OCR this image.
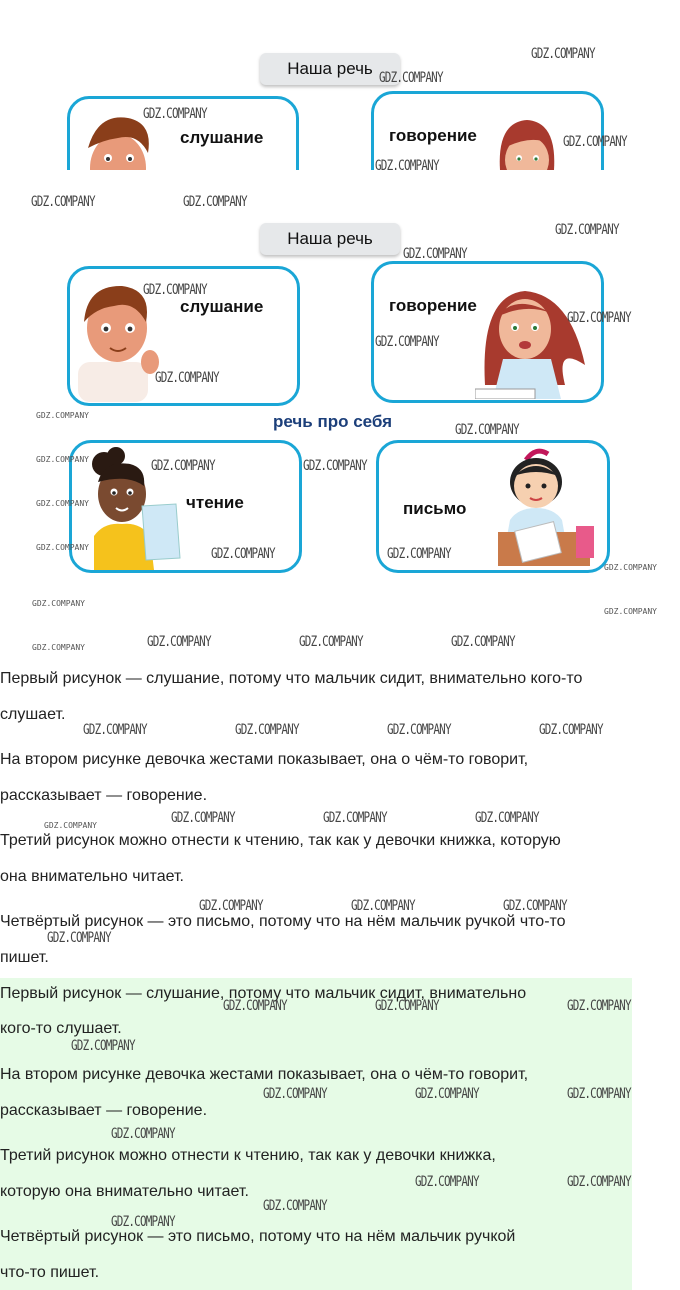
Наша речь
слушание	говорение
Наша речь
слушание	говорение
речь про себя
чтение	письмо
GDZ.COMPANY
GDZ.COMPANY
GDZ.COMPANY
GDZ.COMPANY
GDZ.COMPANY
GDZ.COMPANY	GDZ.COMPANY
GDZ.COMPANY
GDZ.COMPANY
GDZ.COMPANY
GDZ.COMPANY
GDZ.COMPANY
GDZ.COMPANY
GDZ.COMPANY
GDZ.COMPANY	GDZ.COMPANY
GDZ.COMPANY	GDZ.COMPANY
GDZ.COMPANY	GDZ.COMPANY	GDZ.COMPANY
GDZ.COMPANY	GDZ.COMPANY	GDZ.COMPANY	GDZ.COMPANY
GDZ.COMPANY	GDZ.COMPANY	GDZ.COMPANY
GDZ.COMPANY	GDZ.COMPANY	GDZ.COMPANY
GDZ.COMPANY
GDZ.COMPANY
GDZ.COMPANY
GDZ.COMPANY
GDZ.COMPANY
GDZ.COMPANY
GDZ.COMPANY
GDZ.COMPANY
GDZ.COMPANY
GDZ.COMPANY
Первый рисунок — слушание, потому что мальчик сидит, внимательно кого-то
слушает.
На втором рисунке девочка жестами показывает, она о чём-то говорит,
рассказывает — говорение.
Третий рисунок можно отнести к чтению, так как у девочки книжка, которую
она внимательно читает.
Четвёртый рисунок — это письмо, потому что на нём мальчик ручкой что-то
пишет.
Первый рисунок — слушание, потому что мальчик сидит, внимательно
кого-то слушает.
На втором рисунке девочка жестами показывает, она о чём-то говорит,
рассказывает — говорение.
Третий рисунок можно отнести к чтению, так как у девочки книжка,
которую она внимательно читает.
Четвёртый рисунок — это письмо, потому что на нём мальчик ручкой
что-то пишет.
GDZ.COMPANY	GDZ.COMPANY	GDZ.COMPANY
GDZ.COMPANY
GDZ.COMPANY	GDZ.COMPANY	GDZ.COMPANY
GDZ.COMPANY
GDZ.COMPANY	GDZ.COMPANY
GDZ.COMPANY
GDZ.COMPANY
